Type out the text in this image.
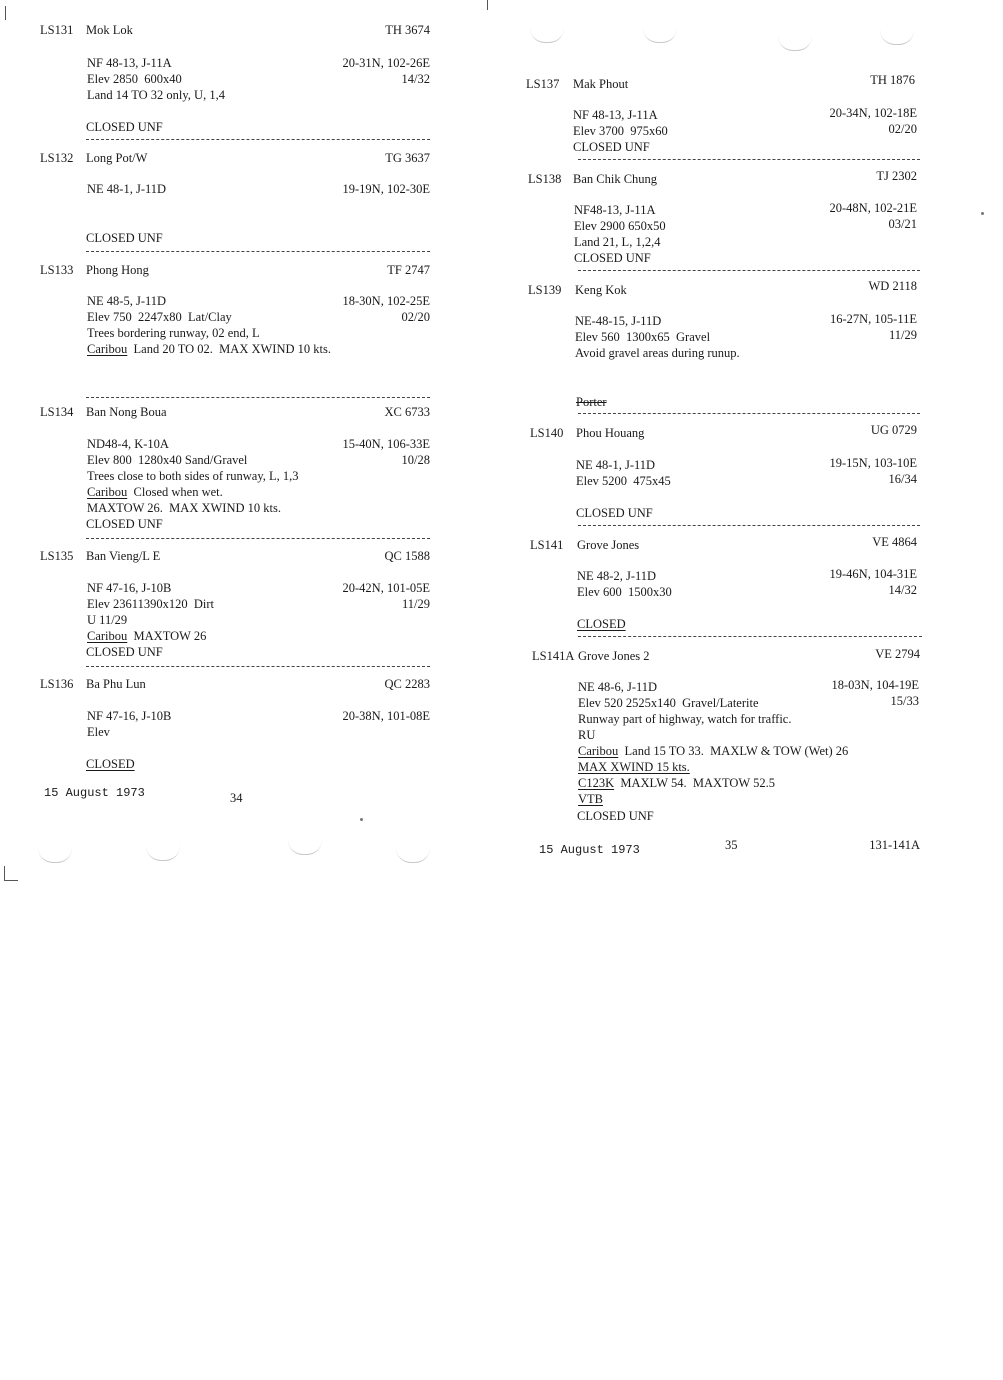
LS131 Mok Lok	TH 3674
NF 48-13, J-11A	20-31N, 102-26E
Elev 2850  600x40	14/32
Land 14 TO 32 only, U, 1,4
CLOSED UNF
LS132 Long Pot/W	TG 3637
NE 48-1, J-11D	19-19N, 102-30E
CLOSED UNF
LS133 Phong Hong	TF 2747
NE 48-5, J-11D	18-30N, 102-25E
Elev 750  2247x80  Lat/Clay	02/20
Trees bordering runway, 02 end, L
Caribou Land 20 TO 02.  MAX XWIND 10 kts.
LS134 Ban Nong Boua	XC 6733
ND48-4, K-10A	15-40N, 106-33E
Elev 800  1280x40 Sand/Gravel	10/28
Trees close to both sides of runway, L, 1,3
Caribou Closed when wet.
MAXTOW 26.  MAX XWIND 10 kts.
CLOSED UNF
LS135 Ban Vieng/L E	QC 1588
NF 47-16, J-10B	20-42N, 101-05E
Elev 23611390x120  Dirt	11/29
U 11/29
Caribou MAXTOW 26
CLOSED UNF
LS136 Ba Phu Lun	QC 2283
NF 47-16, J-10B	20-38N, 101-08E
Elev
CLOSED
15 August 1973	34
LS137 Mak Phout	TH 1876
NF 48-13, J-11A	20-34N, 102-18E
Elev 3700  975x60	02/20
CLOSED UNF
LS138 Ban Chik Chung	TJ 2302
NF48-13, J-11A	20-48N, 102-21E
Elev 2900 650x50	03/21
Land 21, L, 1,2,4
CLOSED UNF
LS139 Keng Kok	WD 2118
NE-48-15, J-11D	16-27N, 105-11E
Elev 560  1300x65  Gravel	11/29
Avoid gravel areas during runup.
Porter
LS140 Phou Houang	UG 0729
NE 48-1, J-11D	19-15N, 103-10E
Elev 5200  475x45	16/34
CLOSED UNF
LS141 Grove Jones	VE 4864
NE 48-2, J-11D	19-46N, 104-31E
Elev 600  1500x30	14/32
CLOSED
LS141A Grove Jones 2	VE 2794
NE 48-6, J-11D	18-03N, 104-19E
Elev 520 2525x140  Gravel/Laterite	15/33
Runway part of highway, watch for traffic.
RU
Caribou Land 15 TO 33.  MAXLW & TOW (Wet) 26
MAX XWIND 15 kts.
C123K MAXLW 54.  MAXTOW 52.5
VTB
CLOSED UNF
15 August 1973	35	131-141A
